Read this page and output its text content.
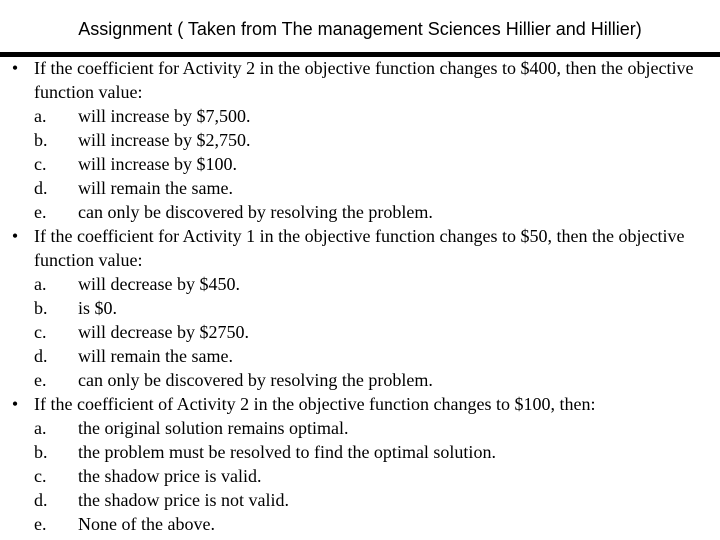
Assignment ( Taken from The management Sciences Hillier and Hillier)
• If the coefficient for Activity 2 in the objective function changes to $400, then the objective function value:

a.	will increase by $7,500.
b.	will increase by $2,750.
c.	will increase by $100.
d.	will remain the same.
e.	can only be discovered by resolving the problem.
• If the coefficient for Activity 1 in the objective function changes to $50, then the objective function value:

a.	will decrease by $450.
b.	is $0.
c.	will decrease by $2750.
d.	will remain the same.
e.	can only be discovered by resolving the problem.
• If the coefficient of Activity 2 in the objective function changes to $100, then:

a.	the original solution remains optimal.
b.	the problem must be resolved to find the optimal solution.
c.	the shadow price is valid.
d.	the shadow price is not valid.
e.	None of the above.
